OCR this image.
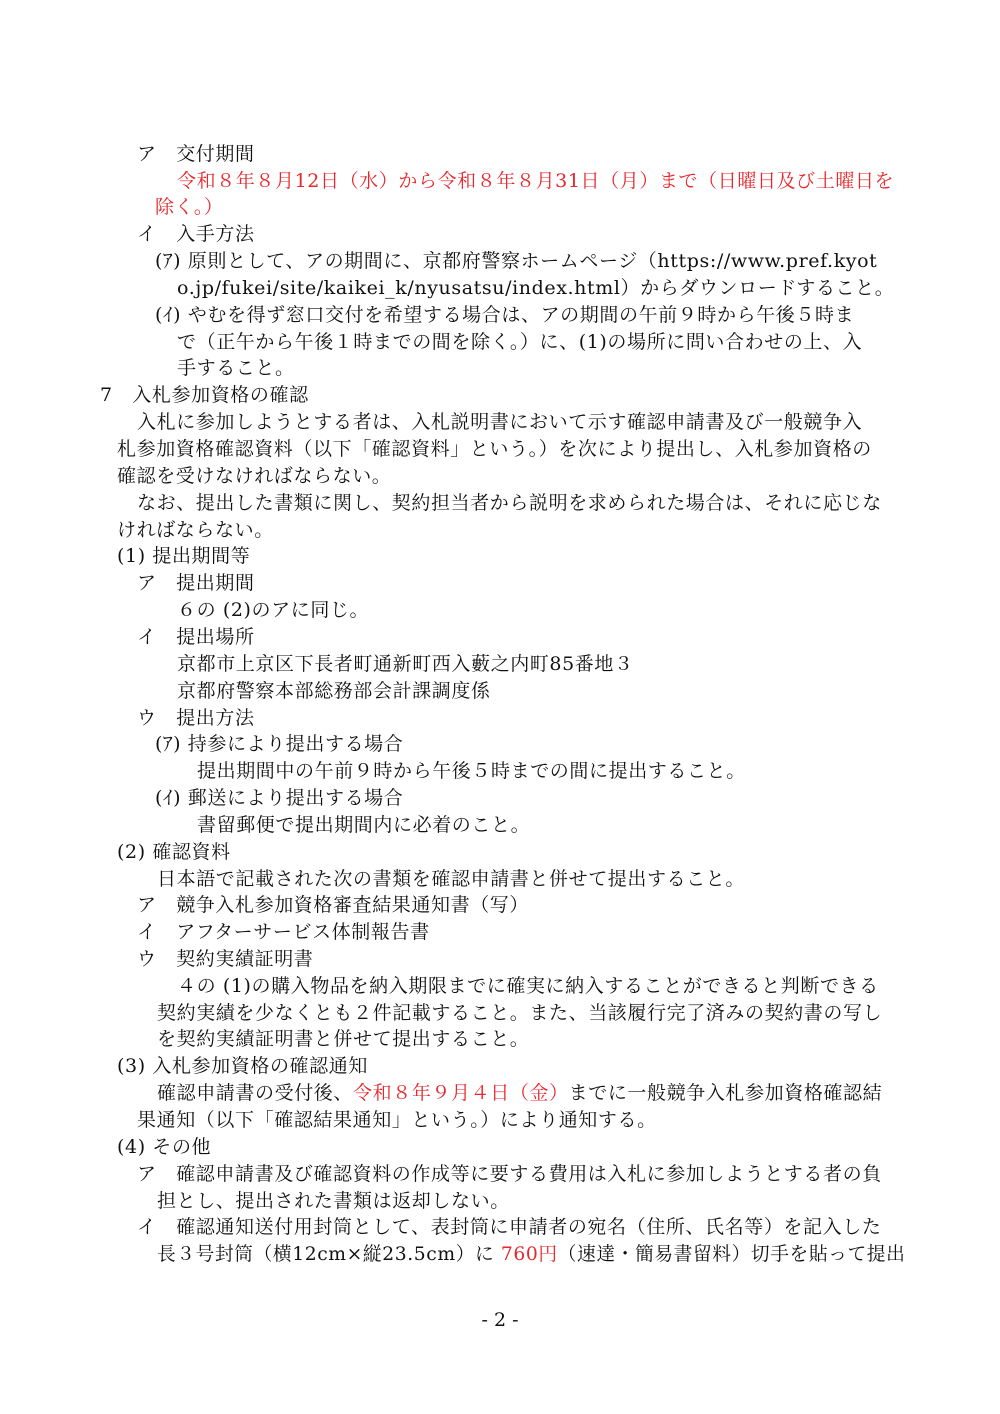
ア　交付期間
令和８年８月12日（水）から令和８年８月31日（月）まで（日曜日及び土曜日を
除く。）
イ　入手方法
(ｱ) 原則として、アの期間に、京都府警察ホームページ（https://www.pref.kyot
o.jp/fukei/site/kaikei_k/nyusatsu/index.html）からダウンロードすること。
(ｲ) やむを得ず窓口交付を希望する場合は、アの期間の午前９時から午後５時ま
で（正午から午後１時までの間を除く。）に、(1)の場所に問い合わせの上、入
手すること。
7　入札参加資格の確認
入札に参加しようとする者は、入札説明書において示す確認申請書及び一般競争入
札参加資格確認資料（以下「確認資料」という。）を次により提出し、入札参加資格の
確認を受けなければならない。
なお、提出した書類に関し、契約担当者から説明を求められた場合は、それに応じな
ければならない。
(1) 提出期間等
ア　提出期間
６の (2)のアに同じ。
イ　提出場所
京都市上京区下長者町通新町西入藪之内町85番地３
京都府警察本部総務部会計課調度係
ウ　提出方法
(ｱ) 持参により提出する場合
提出期間中の午前９時から午後５時までの間に提出すること。
(ｲ) 郵送により提出する場合
書留郵便で提出期間内に必着のこと。
(2) 確認資料
日本語で記載された次の書類を確認申請書と併せて提出すること。
ア　競争入札参加資格審査結果通知書（写）
イ　アフターサービス体制報告書
ウ　契約実績証明書
４の (1)の購入物品を納入期限までに確実に納入することができると判断できる
契約実績を少なくとも２件記載すること。また、当該履行完了済みの契約書の写し
を契約実績証明書と併せて提出すること。
(3) 入札参加資格の確認通知
確認申請書の受付後、令和８年９月４日（金）までに一般競争入札参加資格確認結
果通知（以下「確認結果通知」という。）により通知する。
(4) その他
ア　確認申請書及び確認資料の作成等に要する費用は入札に参加しようとする者の負
担とし、提出された書類は返却しない。
イ　確認通知送付用封筒として、表封筒に申請者の宛名（住所、氏名等）を記入した
長３号封筒（横12cm×縦23.5cm）に 760円（速達・簡易書留料）切手を貼って提出
- 2 -
